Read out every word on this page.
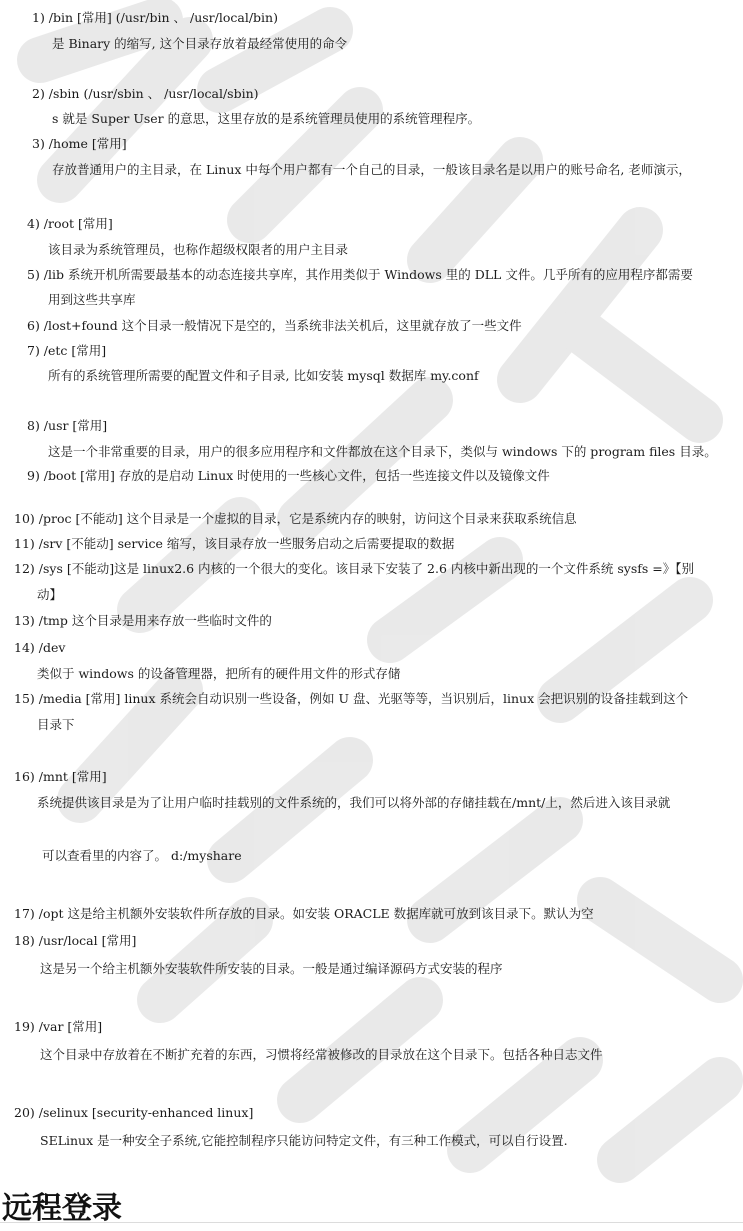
1) /bin [常用] (/usr/bin 、 /usr/local/bin)
是 Binary 的缩写, 这个目录存放着最经常使用的命令
2) /sbin (/usr/sbin 、 /usr/local/sbin)
s 就是 Super User 的意思，这里存放的是系统管理员使用的系统管理程序。
3) /home [常用]
存放普通用户的主目录，在 Linux 中每个用户都有一个自己的目录，一般该目录名是以用户的账号命名, 老师演示，
4) /root [常用]
该目录为系统管理员，也称作超级权限者的用户主目录
5) /lib 系统开机所需要最基本的动态连接共享库，其作用类似于 Windows 里的 DLL 文件。几乎所有的应用程序都需要
用到这些共享库
6) /lost+found 这个目录一般情况下是空的，当系统非法关机后，这里就存放了一些文件
7) /etc [常用]
所有的系统管理所需要的配置文件和子目录, 比如安装 mysql 数据库 my.conf
8) /usr [常用]
这是一个非常重要的目录，用户的很多应用程序和文件都放在这个目录下，类似与 windows 下的 program files 目录。
9) /boot [常用] 存放的是启动 Linux 时使用的一些核心文件，包括一些连接文件以及镜像文件
10) /proc [不能动] 这个目录是一个虚拟的目录，它是系统内存的映射，访问这个目录来获取系统信息
11) /srv [不能动] service 缩写，该目录存放一些服务启动之后需要提取的数据
12) /sys [不能动]这是 linux2.6 内核的一个很大的变化。该目录下安装了 2.6 内核中新出现的一个文件系统 sysfs =》【别
动】
13) /tmp 这个目录是用来存放一些临时文件的
14) /dev
类似于 windows 的设备管理器，把所有的硬件用文件的形式存储
15) /media [常用] linux 系统会自动识别一些设备，例如 U 盘、光驱等等，当识别后，linux 会把识别的设备挂载到这个
目录下
16) /mnt [常用]
系统提供该目录是为了让用户临时挂载别的文件系统的，我们可以将外部的存储挂载在/mnt/上，然后进入该目录就
可以查看里的内容了。 d:/myshare
17) /opt 这是给主机额外安装软件所存放的目录。如安装 ORACLE 数据库就可放到该目录下。默认为空
18) /usr/local [常用]
这是另一个给主机额外安装软件所安装的目录。一般是通过编译源码方式安装的程序
19) /var [常用]
这个目录中存放着在不断扩充着的东西，习惯将经常被修改的目录放在这个目录下。包括各种日志文件
20) /selinux [security-enhanced linux]
SELinux 是一种安全子系统,它能控制程序只能访问特定文件，有三种工作模式，可以自行设置.
远程登录
